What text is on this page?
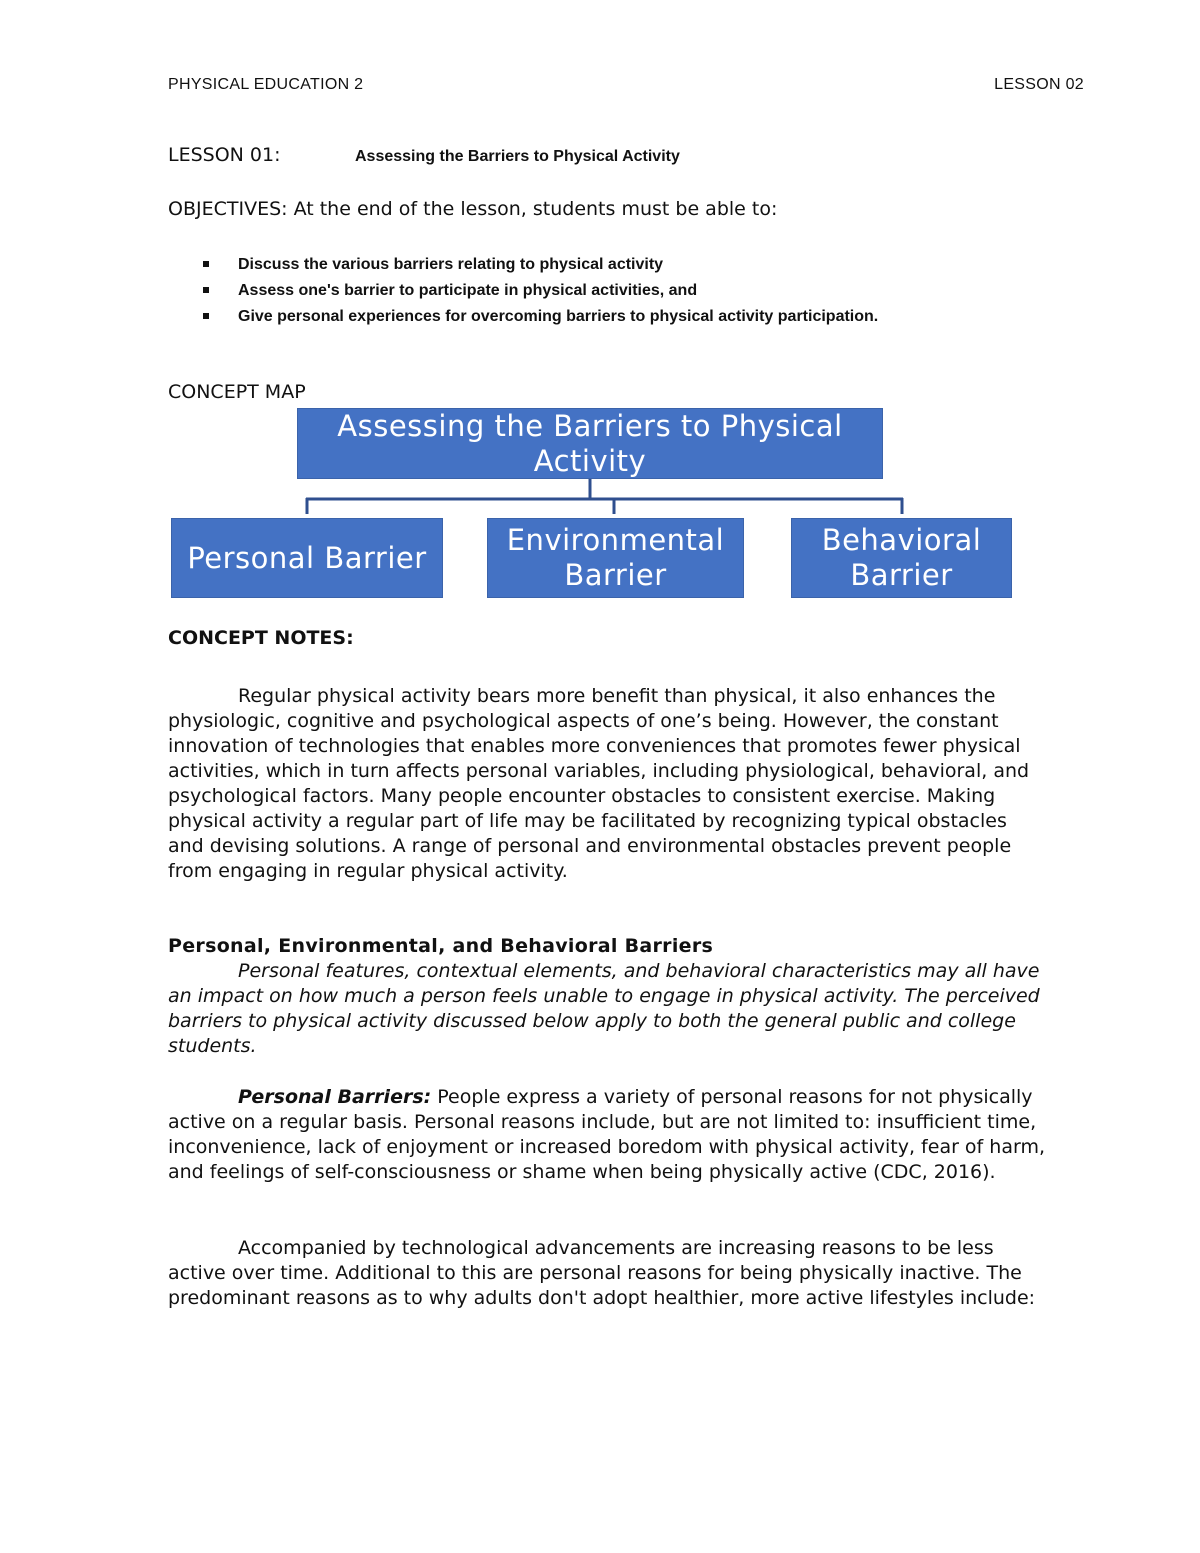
PHYSICAL EDUCATION 2	LESSON 02
LESSON 01:	Assessing the Barriers to Physical Activity
OBJECTIVES: At the end of the lesson, students must be able to:
Discuss the various barriers relating to physical activity
Assess one's barrier to participate in physical activities, and
Give personal experiences for overcoming barriers to physical activity participation.
CONCEPT MAP
Assessing the Barriers to Physical Activity
Personal Barrier
Environmental Barrier
Behavioral Barrier
CONCEPT NOTES:

Regular physical activity bears more benefit than physical, it also enhances the physiologic, cognitive and psychological aspects of one’s being. However, the constant innovation of technologies that enables more conveniences that promotes fewer physical activities, which in turn affects personal variables, including physiological, behavioral, and psychological factors. Many people encounter obstacles to consistent exercise. Making physical activity a regular part of life may be facilitated by recognizing typical obstacles and devising solutions. A range of personal and environmental obstacles prevent people from engaging in regular physical activity.

Personal, Environmental, and Behavioral Barriers

Personal features, contextual elements, and behavioral characteristics may all have an impact on how much a person feels unable to engage in physical activity. The perceived barriers to physical activity discussed below apply to both the general public and college students.

Personal Barriers: People express a variety of personal reasons for not physically active on a regular basis. Personal reasons include, but are not limited to: insufficient time, inconvenience, lack of enjoyment or increased boredom with physical activity, fear of harm, and feelings of self-consciousness or shame when being physically active (CDC, 2016).

Accompanied by technological advancements are increasing reasons to be less active over time. Additional to this are personal reasons for being physically inactive. The predominant reasons as to why adults don't adopt healthier, more active lifestyles include:
